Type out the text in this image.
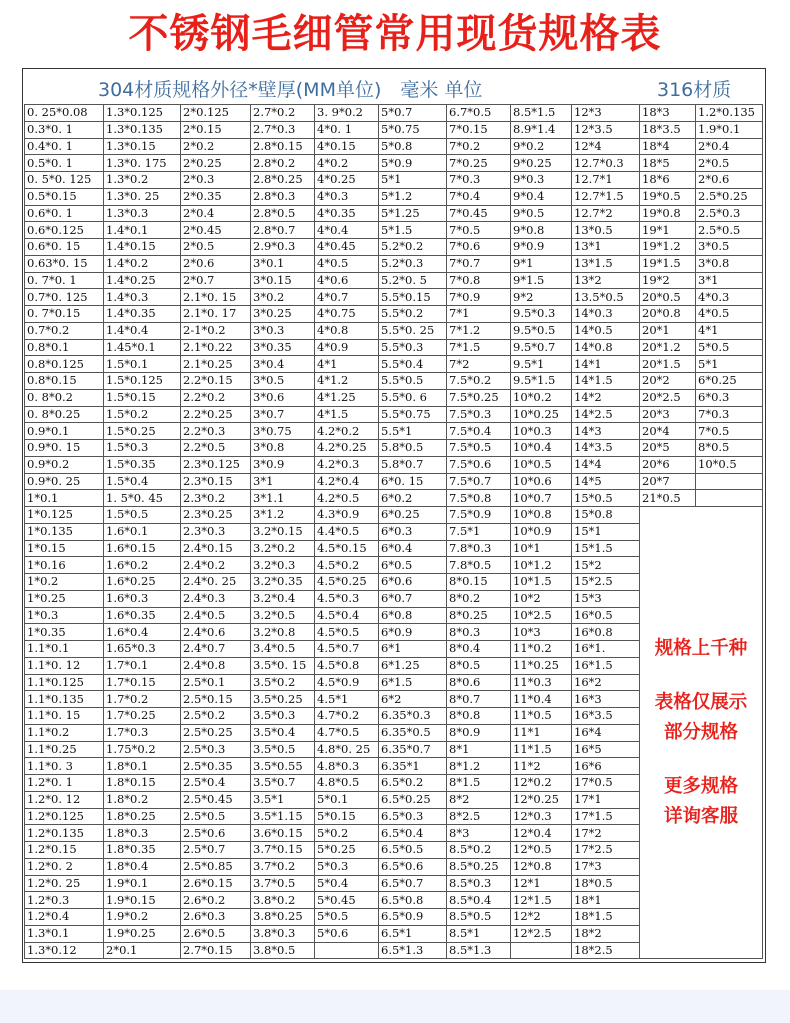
不锈钢毛细管常用现货规格表
304材质规格外径*壁厚(MM单位)　毫米 单位	316材质
0. 25*0.08	1.3*0.125	2*0.125	2.7*0.2	3. 9*0.2	5*0.7	6.7*0.5	8.5*1.5	12*3	18*3	1.2*0.135
0.3*0. 1	1.3*0.135	2*0.15	2.7*0.3	4*0. 1	5*0.75	7*0.15	8.9*1.4	12*3.5	18*3.5	1.9*0.1
0.4*0. 1	1.3*0.15	2*0.2	2.8*0.15	4*0.15	5*0.8	7*0.2	9*0.2	12*4	18*4	2*0.4
0.5*0. 1	1.3*0. 175	2*0.25	2.8*0.2	4*0.2	5*0.9	7*0.25	9*0.25	12.7*0.3	18*5	2*0.5
0. 5*0. 125	1.3*0.2	2*0.3	2.8*0.25	4*0.25	5*1	7*0.3	9*0.3	12.7*1	18*6	2*0.6
0.5*0.15	1.3*0. 25	2*0.35	2.8*0.3	4*0.3	5*1.2	7*0.4	9*0.4	12.7*1.5	19*0.5	2.5*0.25
0.6*0. 1	1.3*0.3	2*0.4	2.8*0.5	4*0.35	5*1.25	7*0.45	9*0.5	12.7*2	19*0.8	2.5*0.3
0.6*0.125	1.4*0.1	2*0.45	2.8*0.7	4*0.4	5*1.5	7*0.5	9*0.8	13*0.5	19*1	2.5*0.5
0.6*0. 15	1.4*0.15	2*0.5	2.9*0.3	4*0.45	5.2*0.2	7*0.6	9*0.9	13*1	19*1.2	3*0.5
0.63*0. 15	1.4*0.2	2*0.6	3*0.1	4*0.5	5.2*0.3	7*0.7	9*1	13*1.5	19*1.5	3*0.8
0. 7*0. 1	1.4*0.25	2*0.7	3*0.15	4*0.6	5.2*0. 5	7*0.8	9*1.5	13*2	19*2	3*1
0.7*0. 125	1.4*0.3	2.1*0. 15	3*0.2	4*0.7	5.5*0.15	7*0.9	9*2	13.5*0.5	20*0.5	4*0.3
0. 7*0.15	1.4*0.35	2.1*0. 17	3*0.25	4*0.75	5.5*0.2	7*1	9.5*0.3	14*0.3	20*0.8	4*0.5
0.7*0.2	1.4*0.4	2-1*0.2	3*0.3	4*0.8	5.5*0. 25	7*1.2	9.5*0.5	14*0.5	20*1	4*1
0.8*0.1	1.45*0.1	2.1*0.22	3*0.35	4*0.9	5.5*0.3	7*1.5	9.5*0.7	14*0.8	20*1.2	5*0.5
0.8*0.125	1.5*0.1	2.1*0.25	3*0.4	4*1	5.5*0.4	7*2	9.5*1	14*1	20*1.5	5*1
0.8*0.15	1.5*0.125	2.2*0.15	3*0.5	4*1.2	5.5*0.5	7.5*0.2	9.5*1.5	14*1.5	20*2	6*0.25
0. 8*0.2	1.5*0.15	2.2*0.2	3*0.6	4*1.25	5.5*0. 6	7.5*0.25	10*0.2	14*2	20*2.5	6*0.3
0. 8*0.25	1.5*0.2	2.2*0.25	3*0.7	4*1.5	5.5*0.75	7.5*0.3	10*0.25	14*2.5	20*3	7*0.3
0.9*0.1	1.5*0.25	2.2*0.3	3*0.75	4.2*0.2	5.5*1	7.5*0.4	10*0.3	14*3	20*4	7*0.5
0.9*0. 15	1.5*0.3	2.2*0.5	3*0.8	4.2*0.25	5.8*0.5	7.5*0.5	10*0.4	14*3.5	20*5	8*0.5
0.9*0.2	1.5*0.35	2.3*0.125	3*0.9	4.2*0.3	5.8*0.7	7.5*0.6	10*0.5	14*4	20*6	10*0.5
0.9*0. 25	1.5*0.4	2.3*0.15	3*1	4.2*0.4	6*0. 15	7.5*0.7	10*0.6	14*5	20*7	
1*0.1	1. 5*0. 45	2.3*0.2	3*1.1	4.2*0.5	6*0.2	7.5*0.8	10*0.7	15*0.5	21*0.5	
1*0.125	1.5*0.5	2.3*0.25	3*1.2	4.3*0.9	6*0.25	7.5*0.9	10*0.8	15*0.8	规格上千种
表格仅展示
部分规格
更多规格
详询客服	

1*0.135	1.6*0.1	2.3*0.3	3.2*0.15	4.4*0.5	6*0.3	7.5*1	10*0.9	15*1		
1*0.15	1.6*0.15	2.4*0.15	3.2*0.2	4.5*0.15	6*0.4	7.8*0.3	10*1	15*1.5		
1*0.16	1.6*0.2	2.4*0.2	3.2*0.3	4.5*0.2	6*0.5	7.8*0.5	10*1.2	15*2		
1*0.2	1.6*0.25	2.4*0. 25	3.2*0.35	4.5*0.25	6*0.6	8*0.15	10*1.5	15*2.5		
1*0.25	1.6*0.3	2.4*0.3	3.2*0.4	4.5*0.3	6*0.7	8*0.2	10*2	15*3		
1*0.3	1.6*0.35	2.4*0.5	3.2*0.5	4.5*0.4	6*0.8	8*0.25	10*2.5	16*0.5		
1*0.35	1.6*0.4	2.4*0.6	3.2*0.8	4.5*0.5	6*0.9	8*0.3	10*3	16*0.8		
1.1*0.1	1.65*0.3	2.4*0.7	3.4*0.5	4.5*0.7	6*1	8*0.4	11*0.2	16*1.		
1.1*0. 12	1.7*0.1	2.4*0.8	3.5*0. 15	4.5*0.8	6*1.25	8*0.5	11*0.25	16*1.5		
1.1*0.125	1.7*0.15	2.5*0.1	3.5*0.2	4.5*0.9	6*1.5	8*0.6	11*0.3	16*2		
1.1*0.135	1.7*0.2	2.5*0.15	3.5*0.25	4.5*1	6*2	8*0.7	11*0.4	16*3		
1.1*0. 15	1.7*0.25	2.5*0.2	3.5*0.3	4.7*0.2	6.35*0.3	8*0.8	11*0.5	16*3.5		
1.1*0.2	1.7*0.3	2.5*0.25	3.5*0.4	4.7*0.5	6.35*0.5	8*0.9	11*1	16*4		
1.1*0.25	1.75*0.2	2.5*0.3	3.5*0.5	4.8*0. 25	6.35*0.7	8*1	11*1.5	16*5		
1.1*0. 3	1.8*0.1	2.5*0.35	3.5*0.55	4.8*0.3	6.35*1	8*1.2	11*2	16*6		
1.2*0. 1	1.8*0.15	2.5*0.4	3.5*0.7	4.8*0.5	6.5*0.2	8*1.5	12*0.2	17*0.5		
1.2*0. 12	1.8*0.2	2.5*0.45	3.5*1	5*0.1	6.5*0.25	8*2	12*0.25	17*1		
1.2*0.125	1.8*0.25	2.5*0.5	3.5*1.15	5*0.15	6.5*0.3	8*2.5	12*0.3	17*1.5		
1.2*0.135	1.8*0.3	2.5*0.6	3.6*0.15	5*0.2	6.5*0.4	8*3	12*0.4	17*2		
1.2*0.15	1.8*0.35	2.5*0.7	3.7*0.15	5*0.25	6.5*0.5	8.5*0.2	12*0.5	17*2.5		
1.2*0. 2	1.8*0.4	2.5*0.85	3.7*0.2	5*0.3	6.5*0.6	8.5*0.25	12*0.8	17*3		
1.2*0. 25	1.9*0.1	2.6*0.15	3.7*0.5	5*0.4	6.5*0.7	8.5*0.3	12*1	18*0.5		
1.2*0.3	1.9*0.15	2.6*0.2	3.8*0.2	5*0.45	6.5*0.8	8.5*0.4	12*1.5	18*1		
1.2*0.4	1.9*0.2	2.6*0.3	3.8*0.25	5*0.5	6.5*0.9	8.5*0.5	12*2	18*1.5		
1.3*0.1	1.9*0.25	2.6*0.5	3.8*0.3	5*0.6	6.5*1	8.5*1	12*2.5	18*2		
1.3*0.12	2*0.1	2.7*0.15	3.8*0.5		6.5*1.3	8.5*1.3		18*2.5		
